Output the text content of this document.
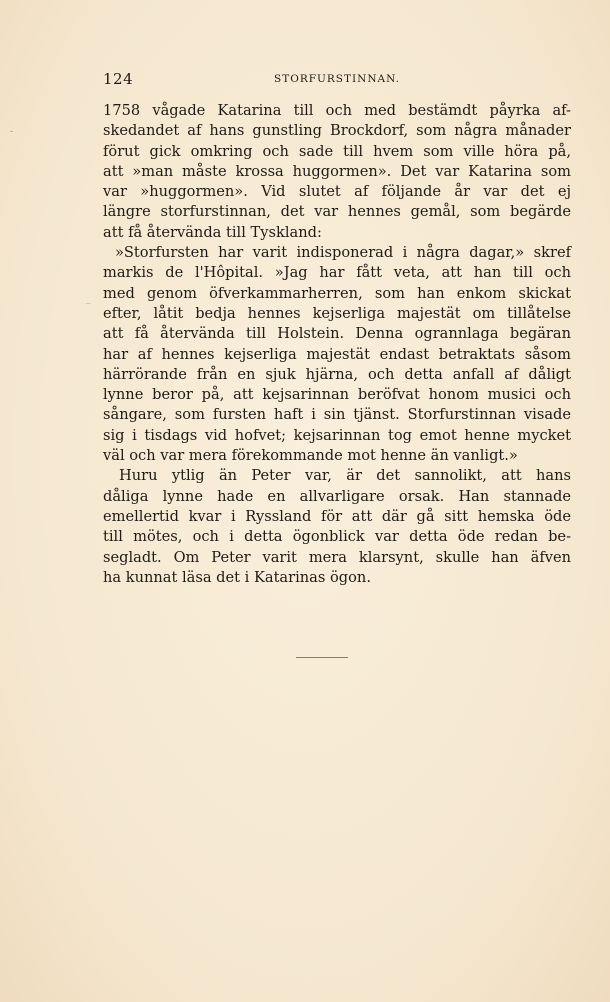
124	STORFURSTINNAN.
-
_
1758 vågade Katarina till och med bestämdt påyrka af-
skedandet af hans gunstling Brockdorf, som några månader
förut gick omkring och sade till hvem som ville höra på,
att »man måste krossa huggormen». Det var Katarina som
var »huggormen». Vid slutet af följande år var det ej
längre storfurstinnan, det var hennes gemål, som begärde
att få återvända till Tyskland:
»Storfursten har varit indisponerad i några dagar,» skref
markis de l'Hôpital. »Jag har fått veta, att han till och
med genom öfverkammarherren, som han enkom skickat
efter, låtit bedja hennes kejserliga majestät om tillåtelse
att få återvända till Holstein. Denna ogrannlaga begäran
har af hennes kejserliga majestät endast betraktats såsom
härrörande från en sjuk hjärna, och detta anfall af dåligt
lynne beror på, att kejsarinnan beröfvat honom musici och
sångare, som fursten haft i sin tjänst. Storfurstinnan visade
sig i tisdags vid hofvet; kejsarinnan tog emot henne mycket
väl och var mera förekommande mot henne än vanligt.»
Huru ytlig än Peter var, är det sannolikt, att hans
dåliga lynne hade en allvarligare orsak. Han stannade
emellertid kvar i Ryssland för att där gå sitt hemska öde
till mötes, och i detta ögonblick var detta öde redan be-
segladt. Om Peter varit mera klarsynt, skulle han äfven
ha kunnat läsa det i Katarinas ögon.
